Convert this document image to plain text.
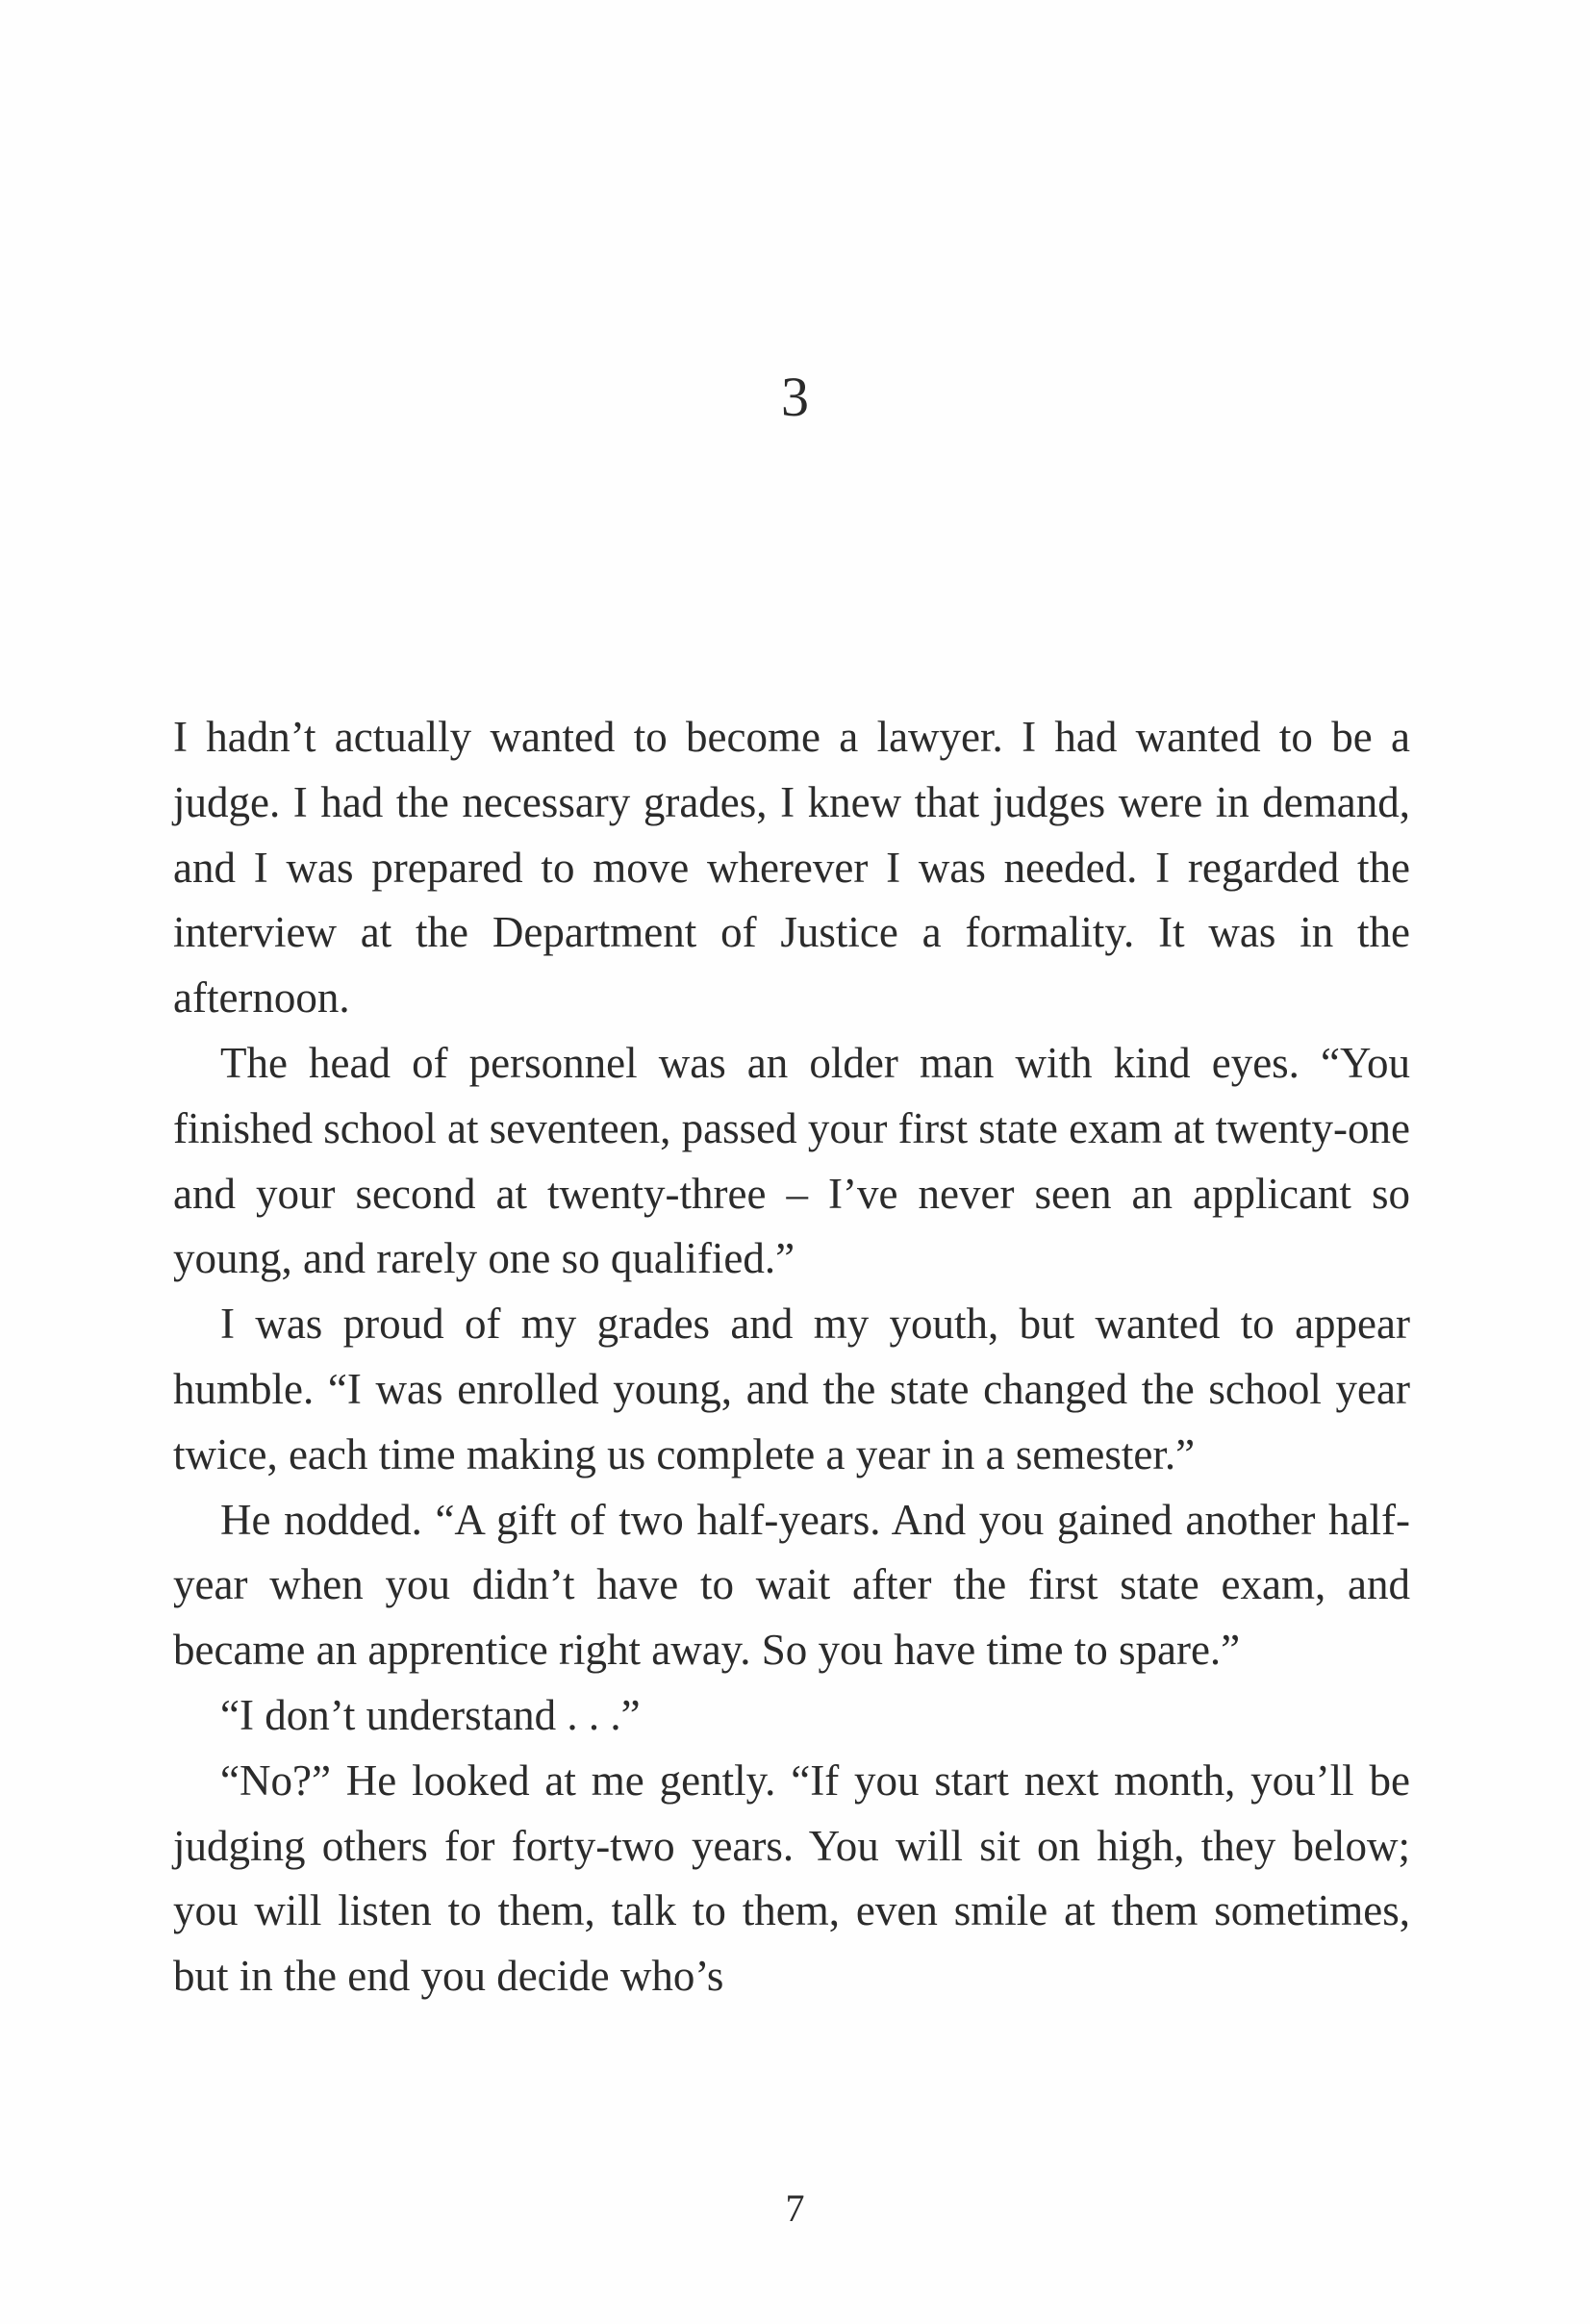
3

I hadn’t actually wanted to become a lawyer. I had wanted to be a judge. I had the necessary grades, I knew that judges were in demand, and I was prepared to move wherever I was needed. I regarded the interview at the Department of Justice a formality. It was in the afternoon.

The head of personnel was an older man with kind eyes. “You finished school at seventeen, passed your first state exam at twenty-one and your second at twenty-three – I’ve never seen an applicant so young, and rarely one so qualified.”

I was proud of my grades and my youth, but wanted to appear humble. “I was enrolled young, and the state changed the school year twice, each time making us complete a year in a semester.”

He nodded. “A gift of two half-years. And you gained another half-year when you didn’t have to wait after the first state exam, and became an apprentice right away. So you have time to spare.”

“I don’t understand . . .”

“No?” He looked at me gently. “If you start next month, you’ll be judging others for forty-two years. You will sit on high, they below; you will listen to them, talk to them, even smile at them sometimes, but in the end you decide who’s

7
